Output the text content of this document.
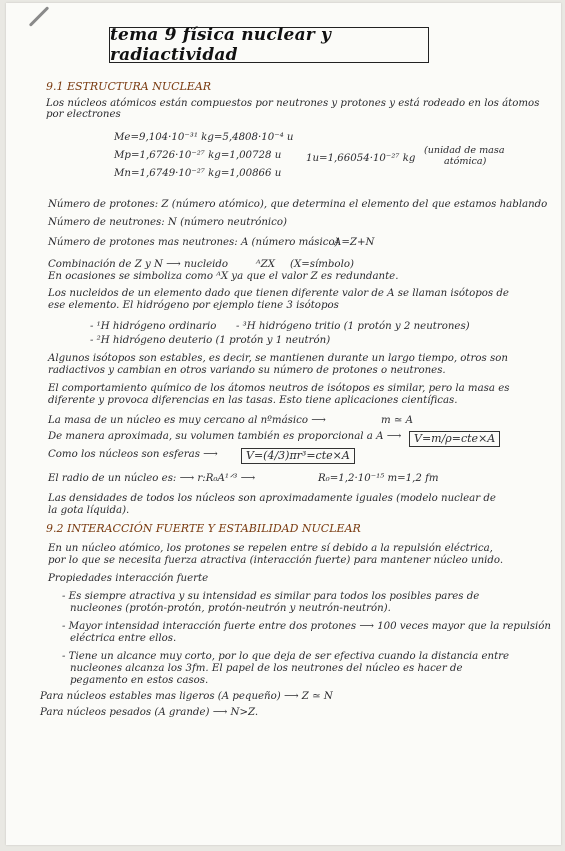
tema 9 física nuclear y radiactividad
9.1 ESTRUCTURA NUCLEAR
Los núcleos atómicos están compuestos por neutrones y protones y está rodeado en los átomos
por electrones
Me=9,104·10⁻³¹ kg=5,4808·10⁻⁴ u
Mp=1,6726·10⁻²⁷ kg=1,00728 u
Mn=1,6749·10⁻²⁷ kg=1,00866 u
1u=1,66054·10⁻²⁷ kg
(unidad de masa
atómica)
Número de protones: Z (número atómico), que determina el elemento del que estamos hablando
Número de neutrones: N (número neutrónico)
Número de protones mas neutrones: A (número másico)
A=Z+N
Combinación de Z y N ⟶ nucleido	ᴬZX (X=símbolo)
En ocasiones se simboliza como ᴬX ya que el valor Z es redundante.
Los nucleidos de un elemento dado que tienen diferente valor de A se llaman isótopos de
ese elemento. El hidrógeno por ejemplo tiene 3 isótopos
- ¹H hidrógeno ordinario - ³H hidrógeno tritio (1 protón y 2 neutrones)
- ²H hidrógeno deuterio (1 protón y 1 neutrón)
Algunos isótopos son estables, es decir, se mantienen durante un largo tiempo, otros son
radiactivos y cambian en otros variando su número de protones o neutrones.
El comportamiento químico de los átomos neutros de isótopos es similar, pero la masa es
diferente y provoca diferencias en las tasas. Esto tiene aplicaciones científicas.
La masa de un núcleo es muy cercano al nºmásico ⟶	m ≃ A
De manera aproximada, su volumen también es proporcional a A ⟶	V=m/ρ=cte×A
Como los núcleos son esferas ⟶	V=(4/3)πr³=cte×A
El radio de un núcleo es: ⟶ r:R₀A¹ᐟ³ ⟶	R₀=1,2·10⁻¹⁵ m=1,2 fm
Las densidades de todos los núcleos son aproximadamente iguales (modelo nuclear de
la gota líquida).
9.2 INTERACCIÓN FUERTE Y ESTABILIDAD NUCLEAR
En un núcleo atómico, los protones se repelen entre sí debido a la repulsión eléctrica,
por lo que se necesita fuerza atractiva (interacción fuerte) para mantener núcleo unido.
Propiedades interacción fuerte
- Es siempre atractiva y su intensidad es similar para todos los posibles pares de
nucleones (protón-protón, protón-neutrón y neutrón-neutrón).
- Mayor intensidad interacción fuerte entre dos protones ⟶ 100 veces mayor que la repulsión
eléctrica entre ellos.
- Tiene un alcance muy corto, por lo que deja de ser efectiva cuando la distancia entre
nucleones alcanza los 3fm. El papel de los neutrones del núcleo es hacer de
pegamento en estos casos.
Para núcleos estables mas ligeros (A pequeño) ⟶ Z ≃ N
Para núcleos pesados (A grande) ⟶ N>Z.
